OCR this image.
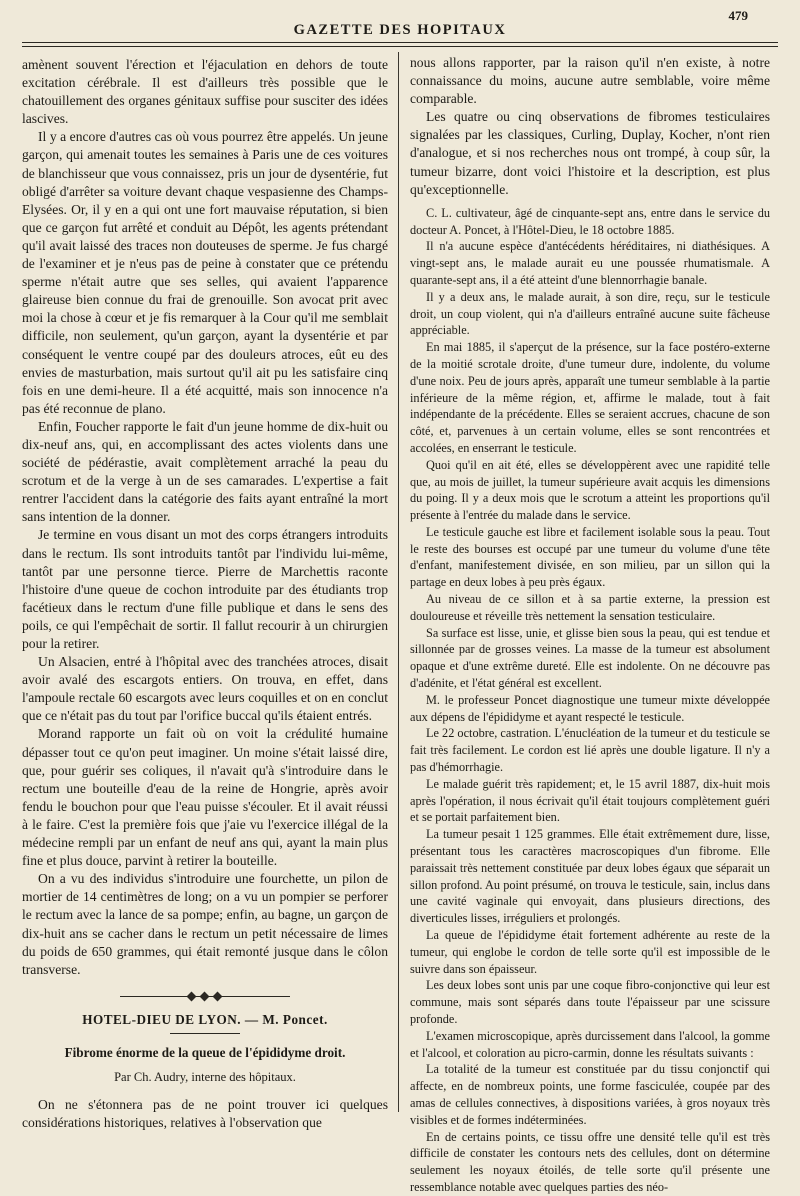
479
GAZETTE DES HOPITAUX

amènent souvent l'érection et l'éjaculation en dehors de toute excitation cérébrale. Il est d'ailleurs très possible que le chatouillement des organes génitaux suffise pour susciter des idées lascives.

Il y a encore d'autres cas où vous pourrez être appelés. Un jeune garçon, qui amenait toutes les semaines à Paris une de ces voitures de blanchisseur que vous connaissez, pris un jour de dysentérie, fut obligé d'arrêter sa voiture devant chaque vespasienne des Champs-Elysées. Or, il y en a qui ont une fort mauvaise réputation, si bien que ce garçon fut arrêté et conduit au Dépôt, les agents prétendant qu'il avait laissé des traces non douteuses de sperme. Je fus chargé de l'examiner et je n'eus pas de peine à constater que ce prétendu sperme n'était autre que ses selles, qui avaient l'apparence glaireuse bien connue du frai de grenouille. Son avocat prit avec moi la chose à cœur et je fis remarquer à la Cour qu'il me semblait difficile, non seulement, qu'un garçon, ayant la dysentérie et par conséquent le ventre coupé par des douleurs atroces, eût eu des envies de masturbation, mais surtout qu'il ait pu les satisfaire cinq fois en une demi-heure. Il a été acquitté, mais son innocence n'a pas été reconnue de plano.

Enfin, Foucher rapporte le fait d'un jeune homme de dix-huit ou dix-neuf ans, qui, en accomplissant des actes violents dans une société de pédérastie, avait complètement arraché la peau du scrotum et de la verge à un de ses camarades. L'expertise a fait rentrer l'accident dans la catégorie des faits ayant entraîné la mort sans intention de la donner.

Je termine en vous disant un mot des corps étrangers introduits dans le rectum. Ils sont introduits tantôt par l'individu lui-même, tantôt par une personne tierce. Pierre de Marchettis raconte l'histoire d'une queue de cochon introduite par des étudiants trop facétieux dans le rectum d'une fille publique et dans le sens des poils, ce qui l'empêchait de sortir. Il fallut recourir à un chirurgien pour la retirer.

Un Alsacien, entré à l'hôpital avec des tranchées atroces, disait avoir avalé des escargots entiers. On trouva, en effet, dans l'ampoule rectale 60 escargots avec leurs coquilles et on en conclut que ce n'était pas du tout par l'orifice buccal qu'ils étaient entrés.

Morand rapporte un fait où on voit la crédulité humaine dépasser tout ce qu'on peut imaginer. Un moine s'était laissé dire, que, pour guérir ses coliques, il n'avait qu'à s'introduire dans le rectum une bouteille d'eau de la reine de Hongrie, après avoir fendu le bouchon pour que l'eau puisse s'écouler. Et il avait réussi à le faire. C'est la première fois que j'aie vu l'exercice illégal de la médecine rempli par un enfant de neuf ans qui, ayant la main plus fine et plus douce, parvint à retirer la bouteille.

On a vu des individus s'introduire une fourchette, un pilon de mortier de 14 centimètres de long; on a vu un pompier se perforer le rectum avec la lance de sa pompe; enfin, au bagne, un garçon de dix-huit ans se cacher dans le rectum un petit nécessaire de limes du poids de 650 grammes, qui était remonté jusque dans le côlon transverse.

HOTEL-DIEU DE LYON. — M. Poncet.
Fibrome énorme de la queue de l'épididyme droit.
Par Ch. Audry, interne des hôpitaux.

On ne s'étonnera pas de ne point trouver ici quelques considérations historiques, relatives à l'observation que

nous allons rapporter, par la raison qu'il n'en existe, à notre connaissance du moins, aucune autre semblable, voire même comparable.

Les quatre ou cinq observations de fibromes testiculaires signalées par les classiques, Curling, Duplay, Kocher, n'ont rien d'analogue, et si nos recherches nous ont trompé, à coup sûr, la tumeur bizarre, dont voici l'histoire et la description, est plus qu'exceptionnelle.

C. L. cultivateur, âgé de cinquante-sept ans, entre dans le service du docteur A. Poncet, à l'Hôtel-Dieu, le 18 octobre 1885.

Il n'a aucune espèce d'antécédents héréditaires, ni diathésiques. A vingt-sept ans, le malade aurait eu une poussée rhumatismale. A quarante-sept ans, il a été atteint d'une blennorrhagie banale.

Il y a deux ans, le malade aurait, à son dire, reçu, sur le testicule droit, un coup violent, qui n'a d'ailleurs entraîné aucune suite fâcheuse appréciable.

En mai 1885, il s'aperçut de la présence, sur la face postéro-externe de la moitié scrotale droite, d'une tumeur dure, indolente, du volume d'une noix. Peu de jours après, apparaît une tumeur semblable à la partie inférieure de la même région, et, affirme le malade, tout à fait indépendante de la précédente. Elles se seraient accrues, chacune de son côté, et, parvenues à un certain volume, elles se sont rencontrées et accolées, en enserrant le testicule.

Quoi qu'il en ait été, elles se développèrent avec une rapidité telle que, au mois de juillet, la tumeur supérieure avait acquis les dimensions du poing. Il y a deux mois que le scrotum a atteint les proportions qu'il présente à l'entrée du malade dans le service.

Le testicule gauche est libre et facilement isolable sous la peau. Tout le reste des bourses est occupé par une tumeur du volume d'une tête d'enfant, manifestement divisée, en son milieu, par un sillon qui la partage en deux lobes à peu près égaux.

Au niveau de ce sillon et à sa partie externe, la pression est douloureuse et réveille très nettement la sensation testiculaire.

Sa surface est lisse, unie, et glisse bien sous la peau, qui est tendue et sillonnée par de grosses veines. La masse de la tumeur est absolument opaque et d'une extrême dureté. Elle est indolente. On ne découvre pas d'adénite, et l'état général est excellent.

M. le professeur Poncet diagnostique une tumeur mixte développée aux dépens de l'épididyme et ayant respecté le testicule.

Le 22 octobre, castration. L'énucléation de la tumeur et du testicule se fait très facilement. Le cordon est lié après une double ligature. Il n'y a pas d'hémorrhagie.

Le malade guérit très rapidement; et, le 15 avril 1887, dix-huit mois après l'opération, il nous écrivait qu'il était toujours complètement guéri et se portait parfaitement bien.

La tumeur pesait 1 125 grammes. Elle était extrêmement dure, lisse, présentant tous les caractères macroscopiques d'un fibrome. Elle paraissait très nettement constituée par deux lobes égaux que séparait un sillon profond. Au point présumé, on trouva le testicule, sain, inclus dans une cavité vaginale qui envoyait, dans plusieurs directions, des diverticules lisses, irréguliers et prolongés.

La queue de l'épididyme était fortement adhérente au reste de la tumeur, qui englobe le cordon de telle sorte qu'il est impossible de le suivre dans son épaisseur.

Les deux lobes sont unis par une coque fibro-conjonctive qui leur est commune, mais sont séparés dans toute l'épaisseur par une scissure profonde.

L'examen microscopique, après durcissement dans l'alcool, la gomme et l'alcool, et coloration au picro-carmin, donne les résultats suivants :

La totalité de la tumeur est constituée par du tissu conjonctif qui affecte, en de nombreux points, une forme fasciculée, coupée par des amas de cellules connectives, à dispositions variées, à gros noyaux très visibles et de formes indéterminées.

En de certains points, ce tissu offre une densité telle qu'il est très difficile de constater les contours nets des cellules, dont on détermine seulement les noyaux étoilés, de telle sorte qu'il présente une ressemblance notable avec quelques parties des néo-
